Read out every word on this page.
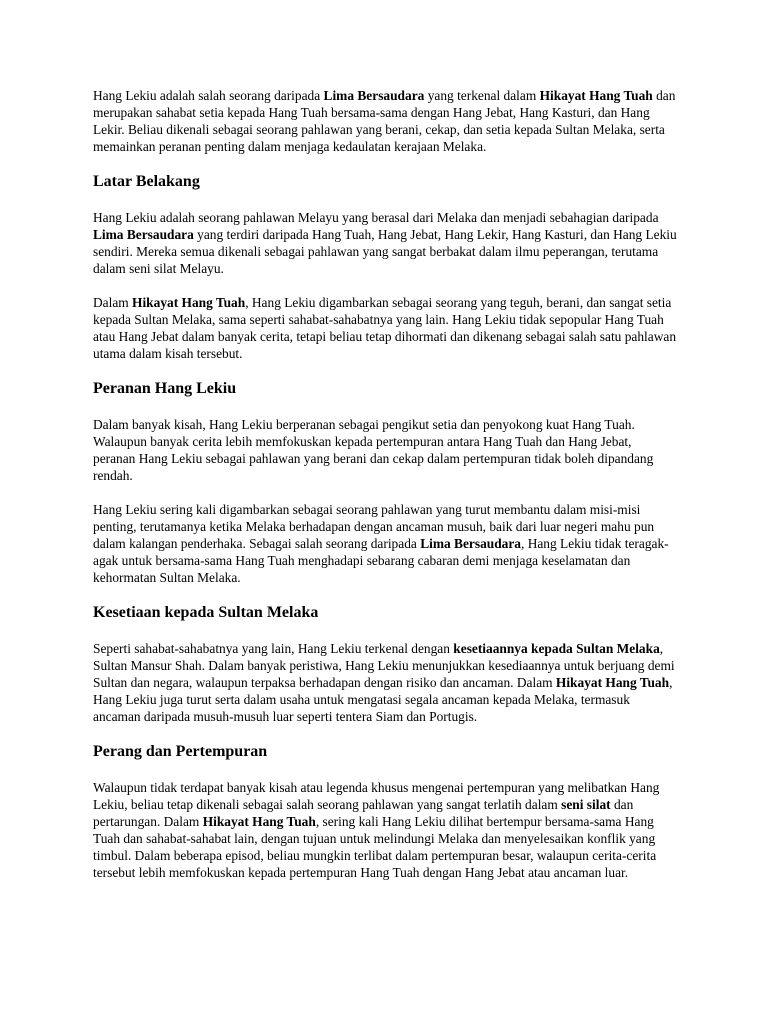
Hang Lekiu adalah salah seorang daripada Lima Bersaudara yang terkenal dalam Hikayat Hang Tuah dan merupakan sahabat setia kepada Hang Tuah bersama-sama dengan Hang Jebat, Hang Kasturi, dan Hang Lekir. Beliau dikenali sebagai seorang pahlawan yang berani, cekap, dan setia kepada Sultan Melaka, serta memainkan peranan penting dalam menjaga kedaulatan kerajaan Melaka.

Latar Belakang

Hang Lekiu adalah seorang pahlawan Melayu yang berasal dari Melaka dan menjadi sebahagian daripada Lima Bersaudara yang terdiri daripada Hang Tuah, Hang Jebat, Hang Lekir, Hang Kasturi, dan Hang Lekiu sendiri. Mereka semua dikenali sebagai pahlawan yang sangat berbakat dalam ilmu peperangan, terutama dalam seni silat Melayu.

Dalam Hikayat Hang Tuah, Hang Lekiu digambarkan sebagai seorang yang teguh, berani, dan sangat setia kepada Sultan Melaka, sama seperti sahabat-sahabatnya yang lain. Hang Lekiu tidak sepopular Hang Tuah atau Hang Jebat dalam banyak cerita, tetapi beliau tetap dihormati dan dikenang sebagai salah satu pahlawan utama dalam kisah tersebut.

Peranan Hang Lekiu

Dalam banyak kisah, Hang Lekiu berperanan sebagai pengikut setia dan penyokong kuat Hang Tuah. Walaupun banyak cerita lebih memfokuskan kepada pertempuran antara Hang Tuah dan Hang Jebat, peranan Hang Lekiu sebagai pahlawan yang berani dan cekap dalam pertempuran tidak boleh dipandang rendah.

Hang Lekiu sering kali digambarkan sebagai seorang pahlawan yang turut membantu dalam misi-misi penting, terutamanya ketika Melaka berhadapan dengan ancaman musuh, baik dari luar negeri mahu pun dalam kalangan penderhaka. Sebagai salah seorang daripada Lima Bersaudara, Hang Lekiu tidak teragak-agak untuk bersama-sama Hang Tuah menghadapi sebarang cabaran demi menjaga keselamatan dan kehormatan Sultan Melaka.

Kesetiaan kepada Sultan Melaka

Seperti sahabat-sahabatnya yang lain, Hang Lekiu terkenal dengan kesetiaannya kepada Sultan Melaka, Sultan Mansur Shah. Dalam banyak peristiwa, Hang Lekiu menunjukkan kesediaannya untuk berjuang demi Sultan dan negara, walaupun terpaksa berhadapan dengan risiko dan ancaman. Dalam Hikayat Hang Tuah, Hang Lekiu juga turut serta dalam usaha untuk mengatasi segala ancaman kepada Melaka, termasuk ancaman daripada musuh-musuh luar seperti tentera Siam dan Portugis.

Perang dan Pertempuran

Walaupun tidak terdapat banyak kisah atau legenda khusus mengenai pertempuran yang melibatkan Hang Lekiu, beliau tetap dikenali sebagai salah seorang pahlawan yang sangat terlatih dalam seni silat dan pertarungan. Dalam Hikayat Hang Tuah, sering kali Hang Lekiu dilihat bertempur bersama-sama Hang Tuah dan sahabat-sahabat lain, dengan tujuan untuk melindungi Melaka dan menyelesaikan konflik yang timbul. Dalam beberapa episod, beliau mungkin terlibat dalam pertempuran besar, walaupun cerita-cerita tersebut lebih memfokuskan kepada pertempuran Hang Tuah dengan Hang Jebat atau ancaman luar.
